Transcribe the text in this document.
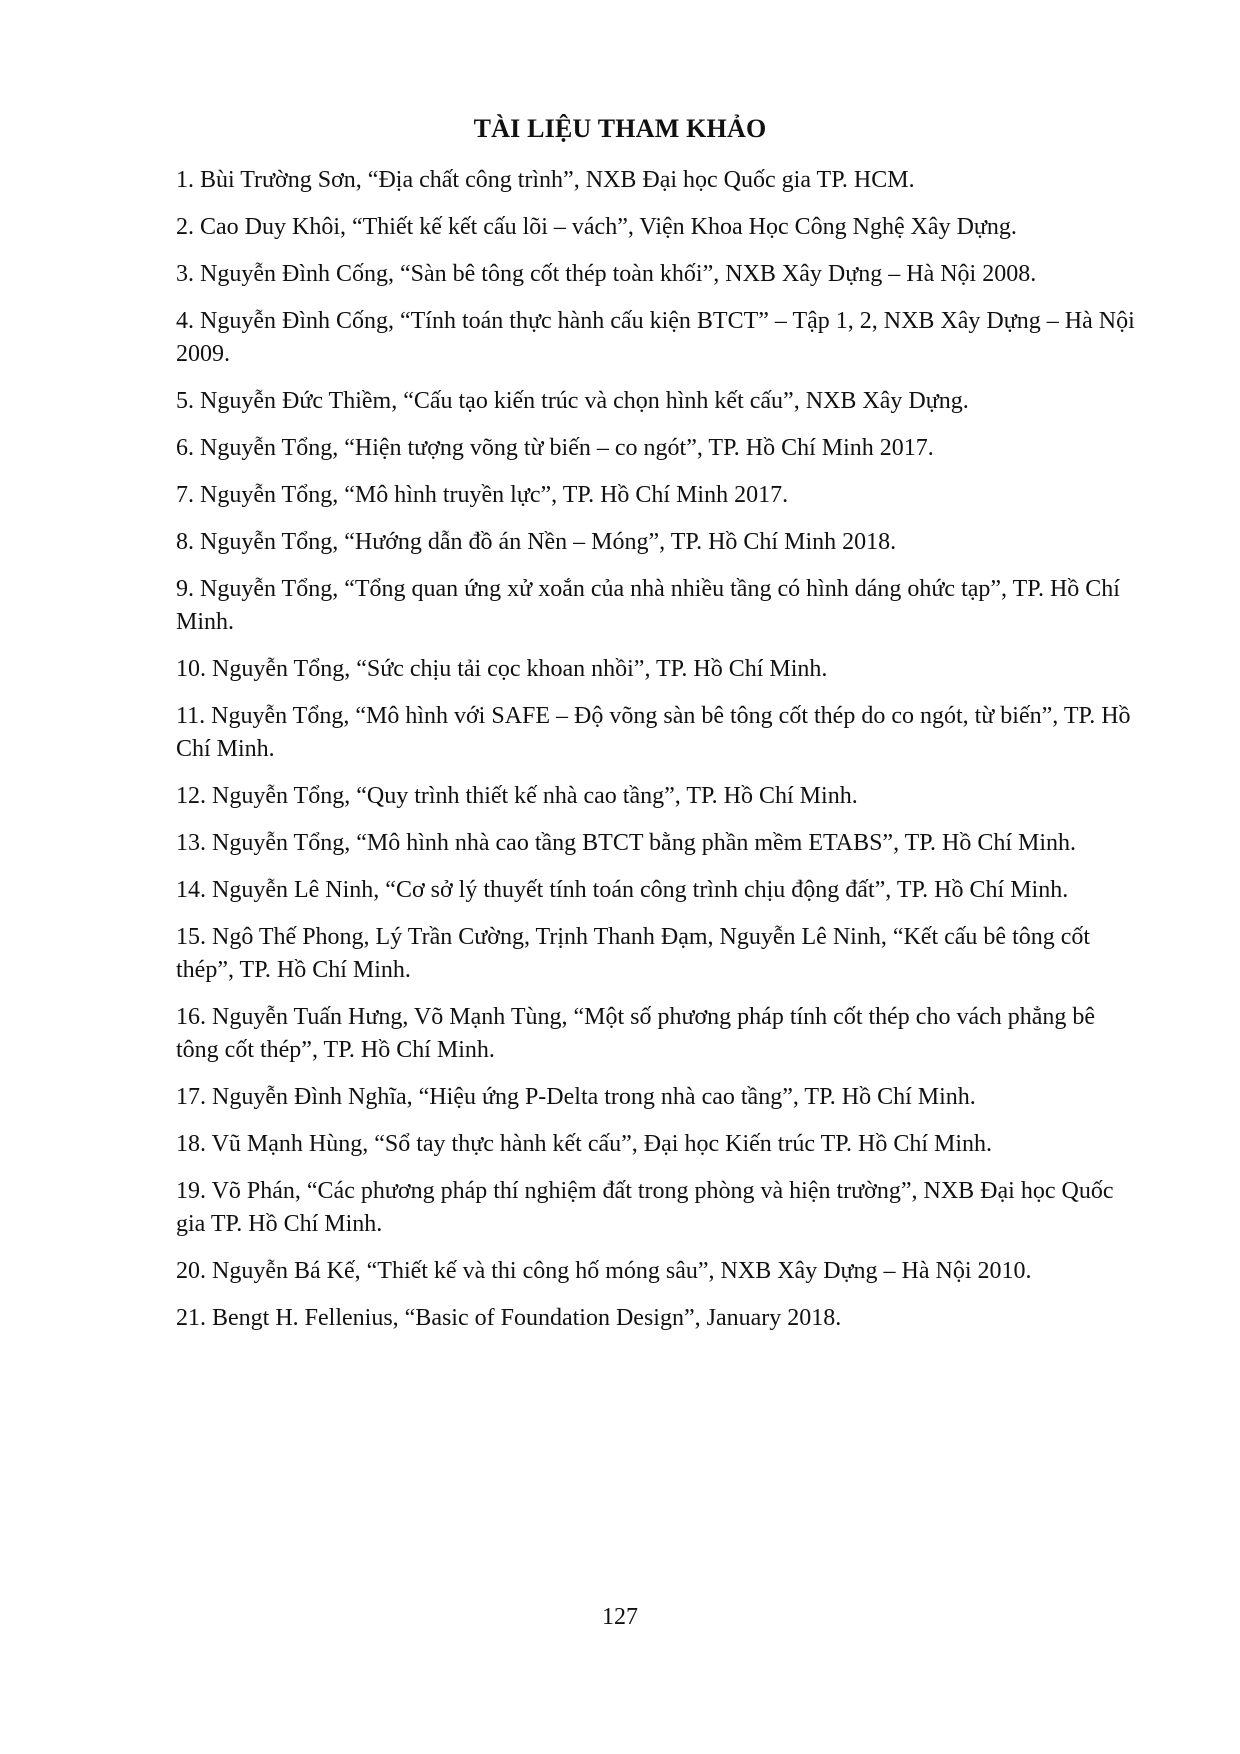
TÀI LIỆU THAM KHẢO
1. Bùi Trường Sơn, “Địa chất công trình”, NXB Đại học Quốc gia TP. HCM.
2. Cao Duy Khôi, “Thiết kế kết cấu lõi – vách”, Viện Khoa Học Công Nghệ Xây Dựng.
3. Nguyễn Đình Cống, “Sàn bê tông cốt thép toàn khối”, NXB Xây Dựng – Hà Nội 2008.
4. Nguyễn Đình Cống, “Tính toán thực hành cấu kiện BTCT” – Tập 1, 2, NXB Xây Dựng – Hà Nội 2009.
5. Nguyễn Đức Thiềm, “Cấu tạo kiến trúc và chọn hình kết cấu”, NXB Xây Dựng.
6. Nguyễn Tổng, “Hiện tượng võng từ biến – co ngót”, TP. Hồ Chí Minh 2017.
7. Nguyễn Tổng, “Mô hình truyền lực”, TP. Hồ Chí Minh 2017.
8. Nguyễn Tổng, “Hướng dẫn đồ án Nền – Móng”, TP. Hồ Chí Minh 2018.
9. Nguyễn Tổng, “Tổng quan ứng xử xoắn của nhà nhiều tầng có hình dáng ohức tạp”, TP. Hồ Chí Minh.
10. Nguyễn Tổng, “Sức chịu tải cọc khoan nhồi”, TP. Hồ Chí Minh.
11. Nguyễn Tổng, “Mô hình với SAFE – Độ võng sàn bê tông cốt thép do co ngót, từ biến”, TP. Hồ Chí Minh.
12. Nguyễn Tổng, “Quy trình thiết kế nhà cao tầng”, TP. Hồ Chí Minh.
13. Nguyễn Tổng, “Mô hình nhà cao tầng BTCT bằng phần mềm ETABS”, TP. Hồ Chí Minh.
14. Nguyễn Lê Ninh, “Cơ sở lý thuyết tính toán công trình chịu động đất”, TP. Hồ Chí Minh.
15. Ngô Thế Phong, Lý Trần Cường, Trịnh Thanh Đạm, Nguyễn Lê Ninh, “Kết cấu bê tông cốt thép”, TP. Hồ Chí Minh.
16. Nguyễn Tuấn Hưng, Võ Mạnh Tùng, “Một số phương pháp tính cốt thép cho vách phẳng bê tông cốt thép”, TP. Hồ Chí Minh.
17. Nguyễn Đình Nghĩa, “Hiệu ứng P-Delta trong nhà cao tầng”, TP. Hồ Chí Minh.
18. Vũ Mạnh Hùng, “Sổ tay thực hành kết cấu”, Đại học Kiến trúc TP. Hồ Chí Minh.
19. Võ Phán, “Các phương pháp thí nghiệm đất trong phòng và hiện trường”, NXB Đại học Quốc gia TP. Hồ Chí Minh.
20. Nguyễn Bá Kế, “Thiết kế và thi công hố móng sâu”, NXB Xây Dựng – Hà Nội 2010.
21. Bengt H. Fellenius, “Basic of Foundation Design”, January 2018.
127
